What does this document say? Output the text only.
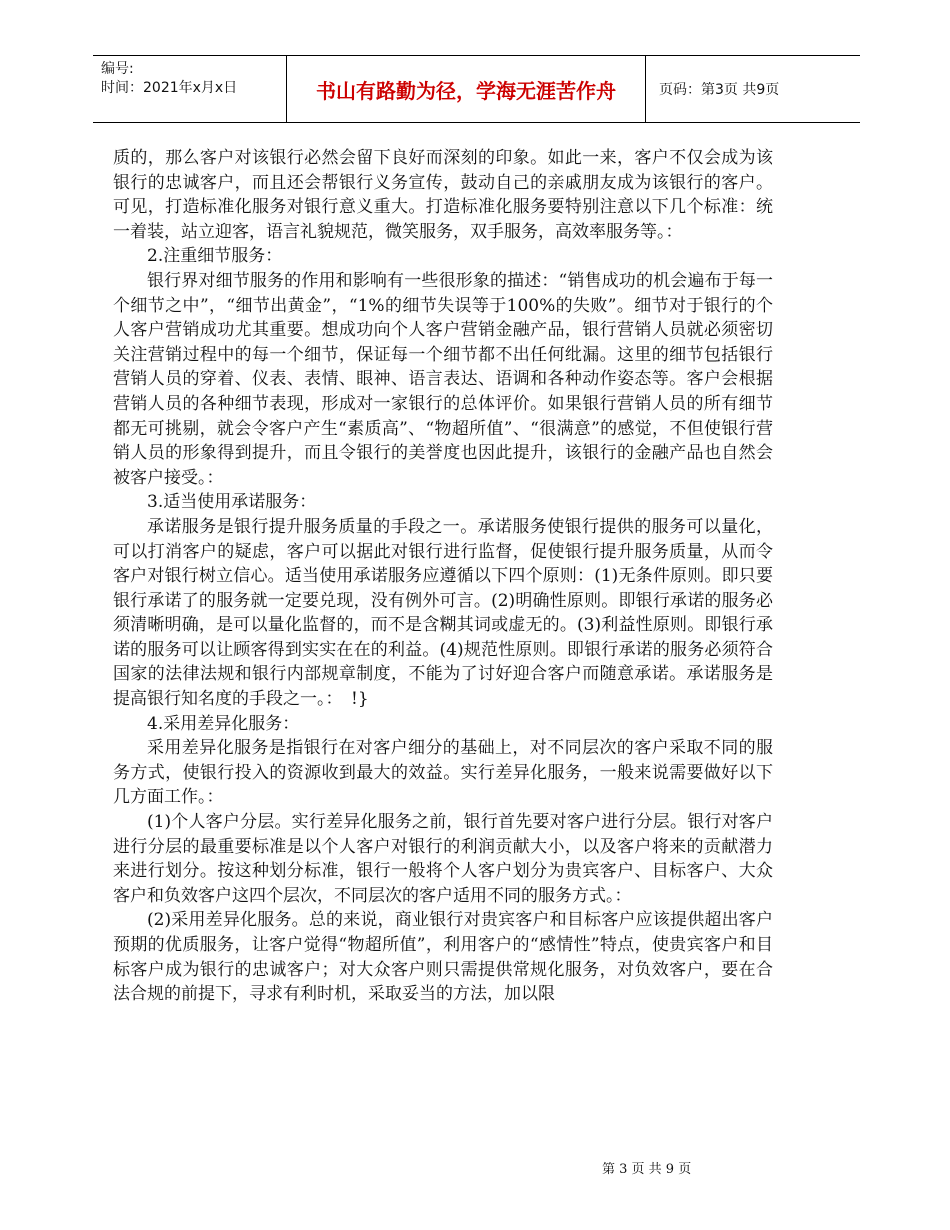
编号:
时间：2021年x月x日	书山有路勤为径，学海无涯苦作舟	页码：第3页 共9页

质的，那么客户对该银行必然会留下良好而深刻的印象。如此一来，客户不仅会成为该银行的忠诚客户，而且还会帮银行义务宣传，鼓动自己的亲戚朋友成为该银行的客户。可见，打造标准化服务对银行意义重大。打造标准化服务要特别注意以下几个标准：统一着装，站立迎客，语言礼貌规范，微笑服务，双手服务，高效率服务等。：

2.注重细节服务：

银行界对细节服务的作用和影响有一些很形象的描述：“销售成功的机会遍布于每一个细节之中”，“细节出黄金”，“1%的细节失误等于100%的失败”。细节对于银行的个人客户营销成功尤其重要。想成功向个人客户营销金融产品，银行营销人员就必须密切关注营销过程中的每一个细节，保证每一个细节都不出任何纰漏。这里的细节包括银行营销人员的穿着、仪表、表情、眼神、语言表达、语调和各种动作姿态等。客户会根据营销人员的各种细节表现，形成对一家银行的总体评价。如果银行营销人员的所有细节都无可挑剔，就会令客户产生“素质高”、“物超所值”、“很满意”的感觉，不但使银行营销人员的形象得到提升，而且令银行的美誉度也因此提升，该银行的金融产品也自然会被客户接受。：

3.适当使用承诺服务：

承诺服务是银行提升服务质量的手段之一。承诺服务使银行提供的服务可以量化，可以打消客户的疑虑，客户可以据此对银行进行监督，促使银行提升服务质量，从而令客户对银行树立信心。适当使用承诺服务应遵循以下四个原则：(1)无条件原则。即只要银行承诺了的服务就一定要兑现，没有例外可言。(2)明确性原则。即银行承诺的服务必须清晰明确，是可以量化监督的，而不是含糊其词或虚无的。(3)利益性原则。即银行承诺的服务可以让顾客得到实实在在的利益。(4)规范性原则。即银行承诺的服务必须符合国家的法律法规和银行内部规章制度，不能为了讨好迎合客户而随意承诺。承诺服务是提高银行知名度的手段之一。：　!}

4.采用差异化服务：

采用差异化服务是指银行在对客户细分的基础上，对不同层次的客户采取不同的服务方式，使银行投入的资源收到最大的效益。实行差异化服务，一般来说需要做好以下几方面工作。：

(1)个人客户分层。实行差异化服务之前，银行首先要对客户进行分层。银行对客户进行分层的最重要标准是以个人客户对银行的利润贡献大小，以及客户将来的贡献潜力来进行划分。按这种划分标准，银行一般将个人客户划分为贵宾客户、目标客户、大众客户和负效客户这四个层次，不同层次的客户适用不同的服务方式。：

(2)采用差异化服务。总的来说，商业银行对贵宾客户和目标客户应该提供超出客户预期的优质服务，让客户觉得“物超所值”，利用客户的“感情性”特点，使贵宾客户和目标客户成为银行的忠诚客户；对大众客户则只需提供常规化服务，对负效客户，要在合法合规的前提下，寻求有利时机，采取妥当的方法，加以限

第 3 页 共 9 页
